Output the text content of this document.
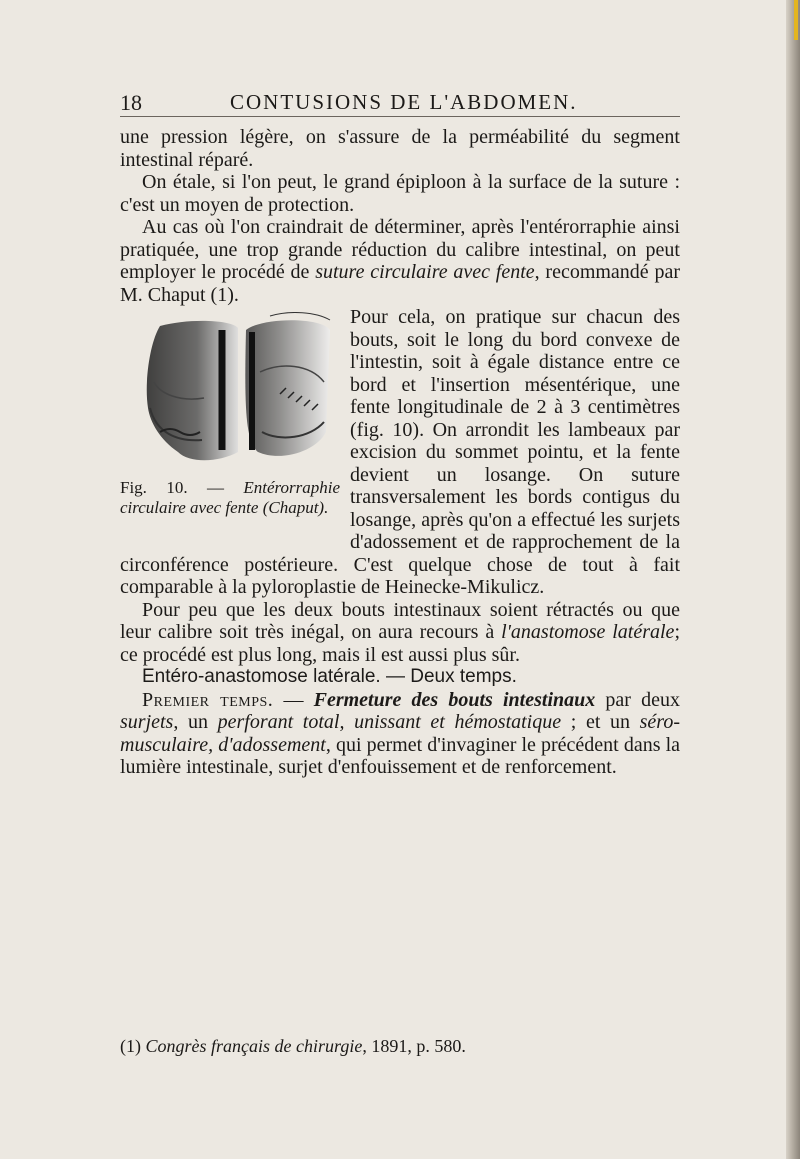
18	CONTUSIONS DE L'ABDOMEN.

une pression légère, on s'assure de la perméabilité du segment intestinal réparé.

On étale, si l'on peut, le grand épiploon à la surface de la suture : c'est un moyen de protection.

Au cas où l'on craindrait de déterminer, après l'entérorraphie ainsi pratiquée, une trop grande réduction du calibre intestinal, on peut employer le procédé de suture circulaire avec fente, recommandé par M. Chaput (1).

Fig. 10. — Entérorraphie circulaire avec fente (Chaput).

Pour cela, on pratique sur chacun des bouts, soit le long du bord convexe de l'intestin, soit à égale distance entre ce bord et l'insertion mésentérique, une fente longitudinale de 2 à 3 centimètres (fig. 10). On arrondit les lambeaux par excision du sommet pointu, et la fente devient un losange. On suture transversalement les bords contigus du losange, après qu'on a effectué les surjets d'adossement et de rapprochement de la circonférence postérieure. C'est quelque chose de tout à fait comparable à la pyloroplastie de Heinecke-Mikulicz.

Pour peu que les deux bouts intestinaux soient rétractés ou que leur calibre soit très inégal, on aura recours à l'anastomose latérale; ce procédé est plus long, mais il est aussi plus sûr.

Entéro-anastomose latérale. — Deux temps.

Premier temps. — Fermeture des bouts intestinaux par deux surjets, un perforant total, unissant et hémostatique ; et un séro-musculaire, d'adossement, qui permet d'invaginer le précédent dans la lumière intestinale, surjet d'enfouissement et de renforcement.

(1) Congrès français de chirurgie, 1891, p. 580.
